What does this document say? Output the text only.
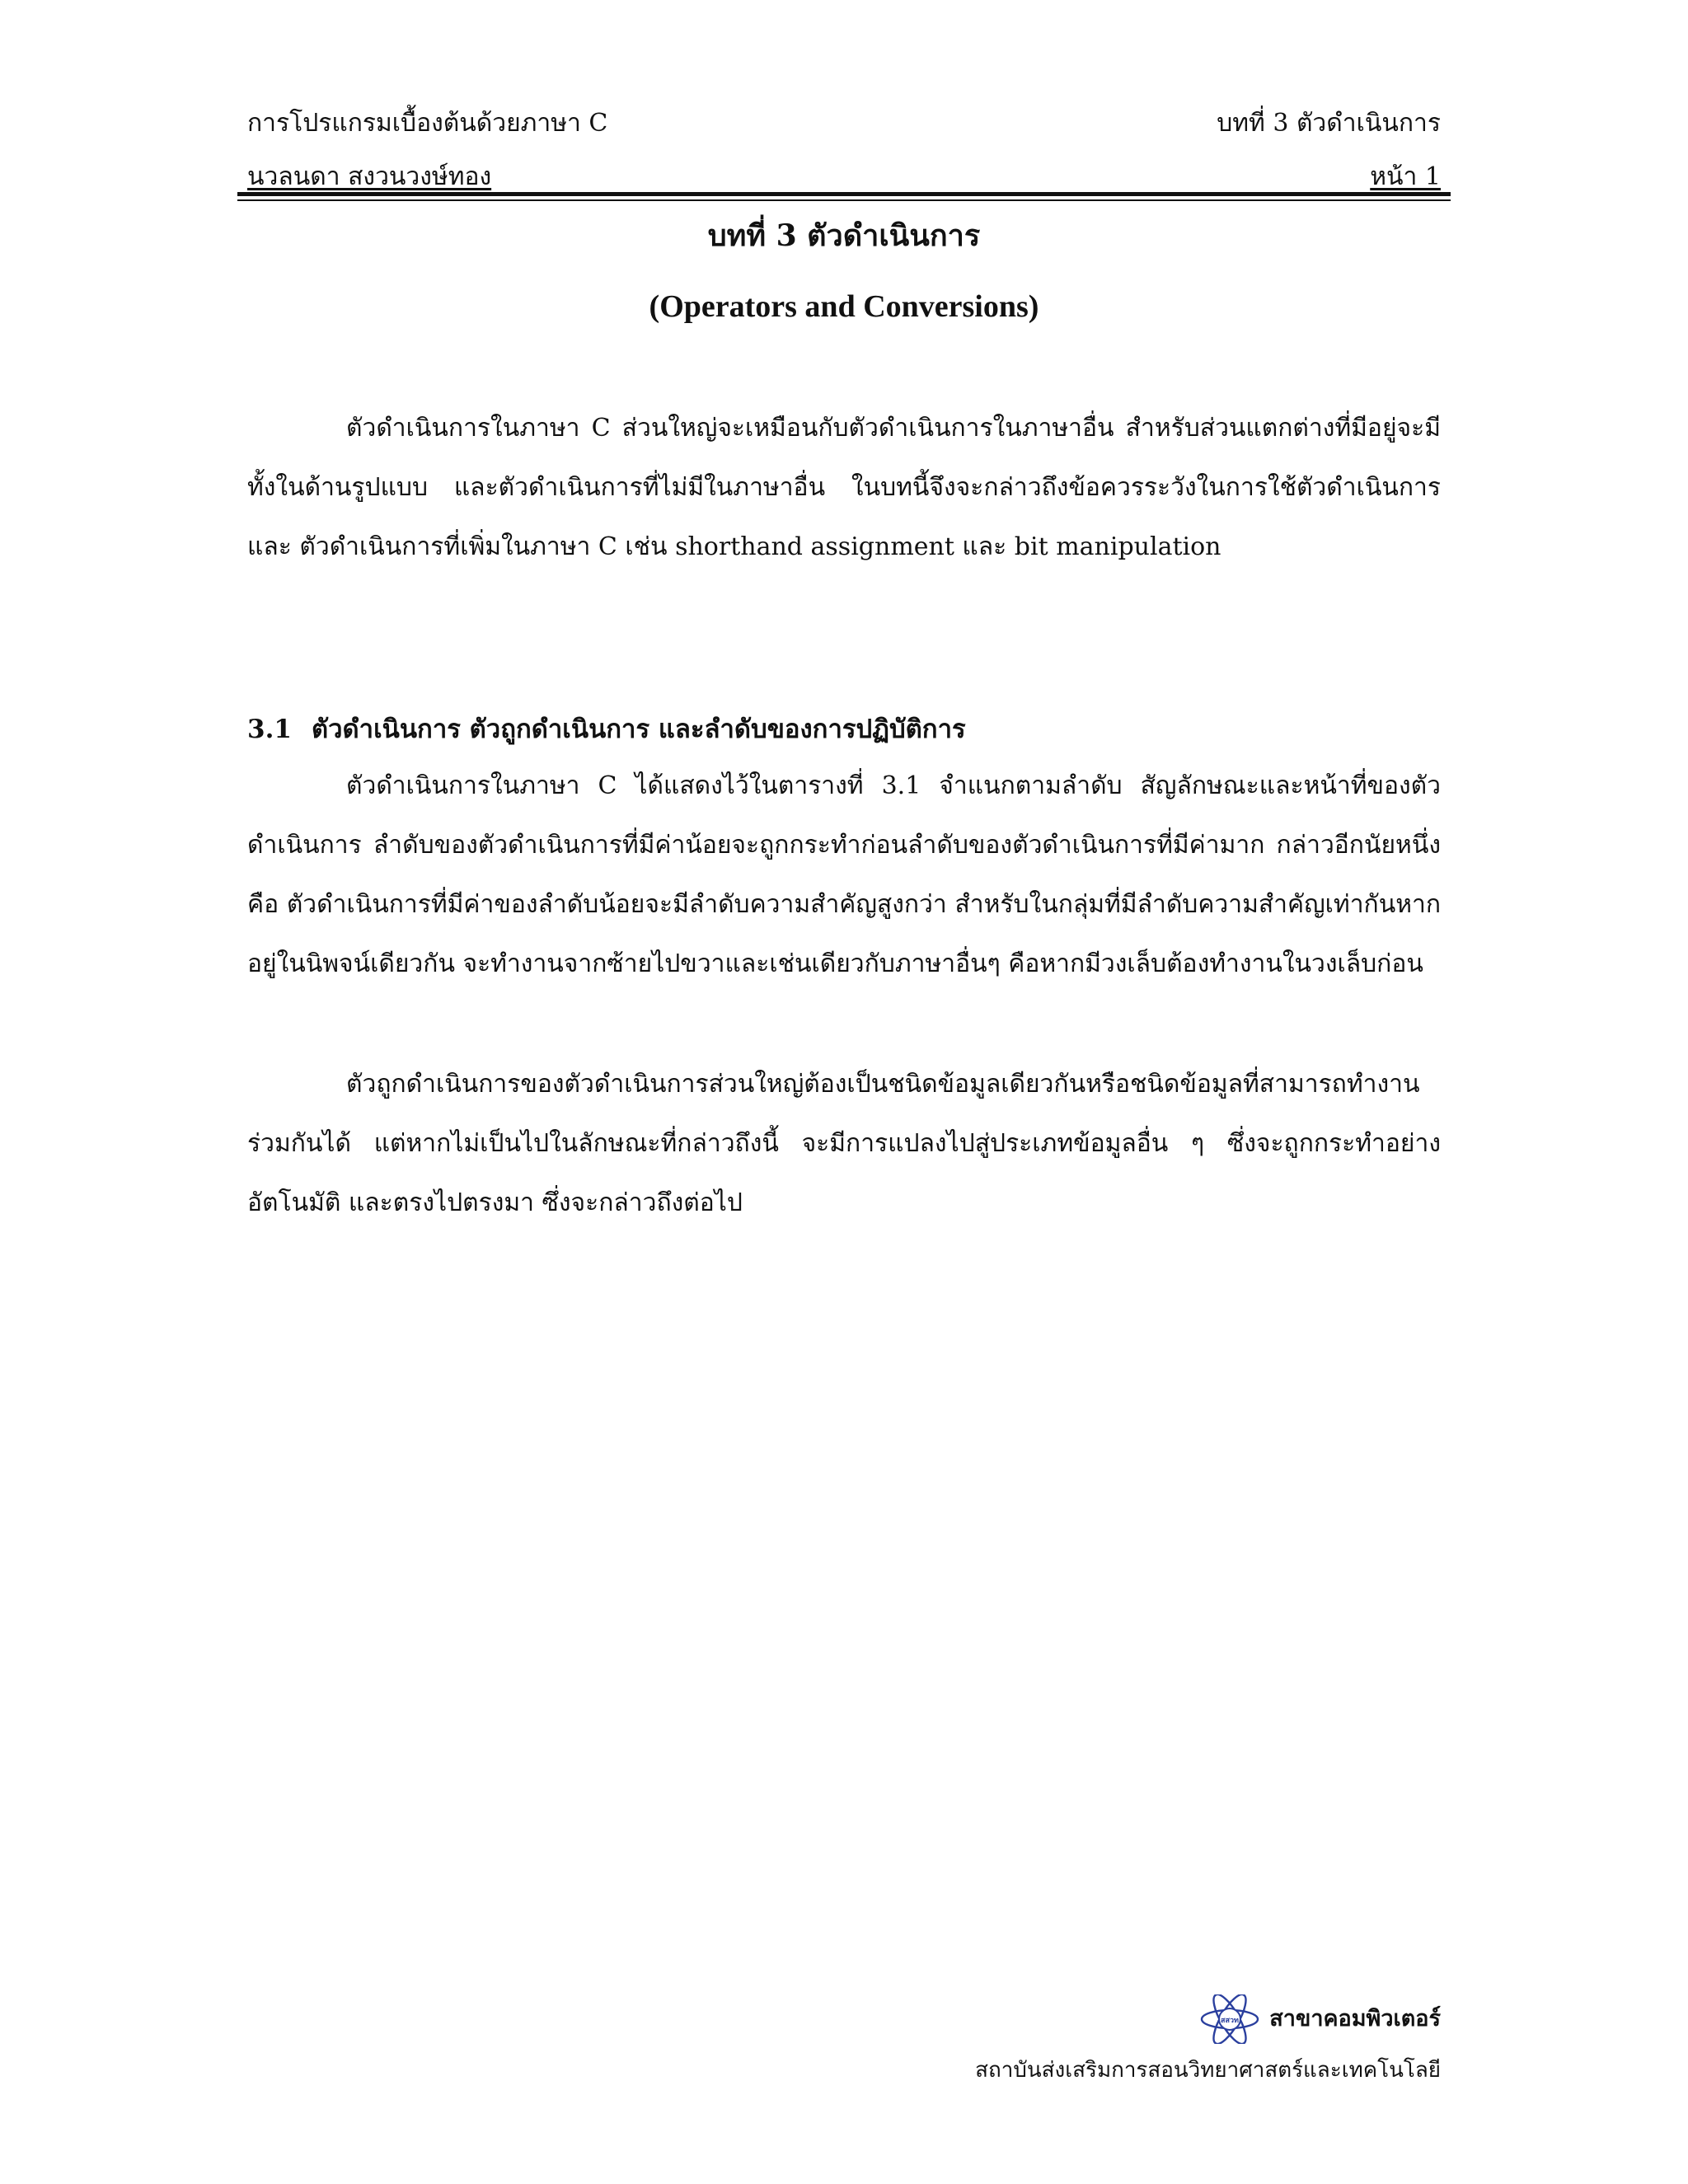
การโปรแกรมเบื้องต้นด้วยภาษา C	บทที่ 3 ตัวดำเนินการ
นวลนดา สงวนวงษ์ทอง	หน้า 1
บทที่ 3 ตัวดำเนินการ
(Operators and Conversions)

ตัวดำเนินการในภาษา C ส่วนใหญ่จะเหมือนกับตัวดำเนินการในภาษาอื่น สำหรับส่วนแตกต่างที่มีอยู่จะมีทั้งในด้านรูปแบบ และตัวดำเนินการที่ไม่มีในภาษาอื่น ในบทนี้จึงจะกล่าวถึงข้อควรระวังในการใช้ตัวดำเนินการและ ตัวดำเนินการที่เพิ่มในภาษา C เช่น shorthand assignment และ bit manipulation

3.1 ตัวดำเนินการ ตัวถูกดำเนินการ และลำดับของการปฏิบัติการ

ตัวดำเนินการในภาษา C ได้แสดงไว้ในตารางที่ 3.1 จำแนกตามลำดับ สัญลักษณะและหน้าที่ของตัวดำเนินการ ลำดับของตัวดำเนินการที่มีค่าน้อยจะถูกกระทำก่อนลำดับของตัวดำเนินการที่มีค่ามาก กล่าวอีกนัยหนึ่งคือ ตัวดำเนินการที่มีค่าของลำดับน้อยจะมีลำดับความสำคัญสูงกว่า สำหรับในกลุ่มที่มีลำดับความสำคัญเท่ากันหากอยู่ในนิพจน์เดียวกัน จะทำงานจากซ้ายไปขวาและเช่นเดียวกับภาษาอื่นๆ คือหากมีวงเล็บต้องทำงานในวงเล็บก่อน

ตัวถูกดำเนินการของตัวดำเนินการส่วนใหญ่ต้องเป็นชนิดข้อมูลเดียวกันหรือชนิดข้อมูลที่สามารถทำงานร่วมกันได้ แต่หากไม่เป็นไปในลักษณะที่กล่าวถึงนี้ จะมีการแปลงไปสู่ประเภทข้อมูลอื่น ๆ ซึ่งจะถูกกระทำอย่างอัตโนมัติ และตรงไปตรงมา ซึ่งจะกล่าวถึงต่อไป

สสวท สาขาคอมพิวเตอร์
สถาบันส่งเสริมการสอนวิทยาศาสตร์และเทคโนโลยี
